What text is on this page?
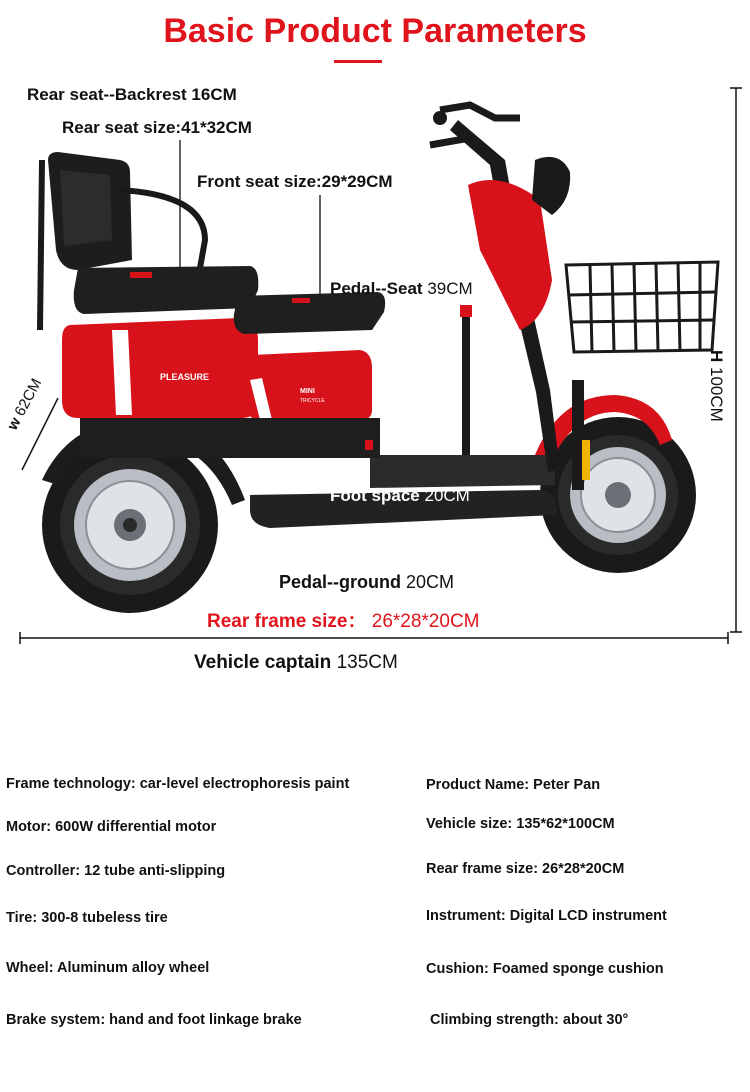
Basic Product Parameters
PLEASURE
MINI
TRICYCLE
Rear seat--Backrest 16CM
Rear seat size:41*32CM
Front seat size:29*29CM
Pedal--Seat 39CM
w 62CM
H 100CM
Foot space 20CM
Pedal--ground 20CM
Rear frame size： 26*28*20CM
Vehicle captain 135CM
Frame technology: car-level electrophoresis paint
Motor: 600W differential motor
Controller: 12 tube anti-slipping
Tire: 300-8 tubeless tire
Wheel: Aluminum alloy wheel
Brake system: hand and foot linkage brake
Product Name: Peter Pan
Vehicle size: 135*62*100CM
Rear frame size: 26*28*20CM
Instrument: Digital LCD instrument
Cushion: Foamed sponge cushion
Climbing strength: about 30°
